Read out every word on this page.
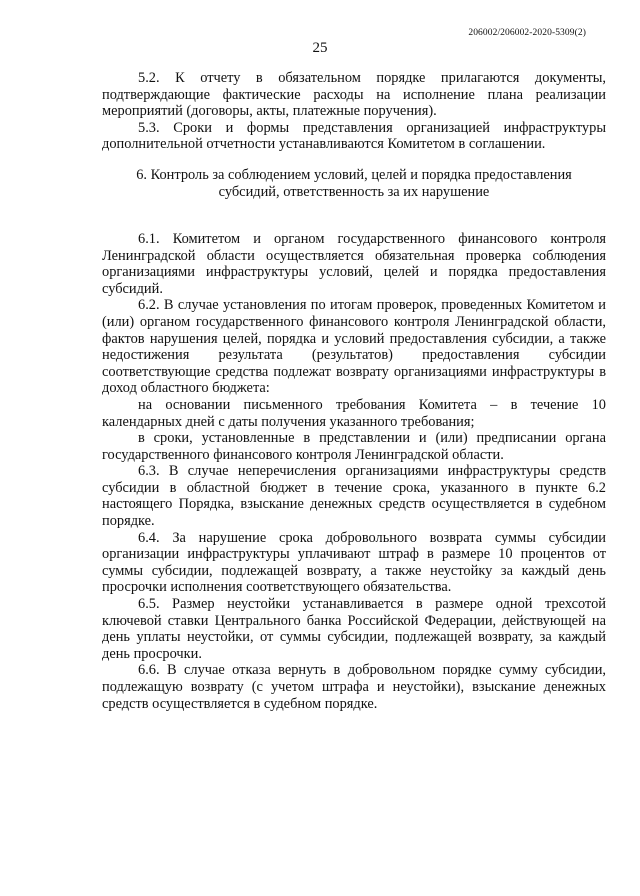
206002/206002-2020-5309(2)
25

5.2. К отчету в обязательном порядке прилагаются документы, подтверждающие фактические расходы на исполнение плана реализации мероприятий (договоры, акты, платежные поручения).

5.3. Сроки и формы представления организацией инфраструктуры дополнительной отчетности устанавливаются Комитетом в соглашении.

6. Контроль за соблюдением условий, целей и порядка предоставления
субсидий, ответственность за их нарушение

6.1. Комитетом и органом государственного финансового контроля Ленинградской области осуществляется обязательная проверка соблюдения организациями инфраструктуры условий, целей и порядка предоставления субсидий.

6.2. В случае установления по итогам проверок, проведенных Комитетом и (или) органом государственного финансового контроля Ленинградской области, фактов нарушения целей, порядка и условий предоставления субсидии, а также недостижения результата (результатов) предоставления субсидии соответствующие средства подлежат возврату организациями инфраструктуры в доход областного бюджета:

на основании письменного требования Комитета – в течение 10 календарных дней с даты получения указанного требования;

в сроки, установленные в представлении и (или) предписании органа государственного финансового контроля Ленинградской области.

6.3. В случае неперечисления организациями инфраструктуры средств субсидии в областной бюджет в течение срока, указанного в пункте 6.2 настоящего Порядка, взыскание денежных средств осуществляется в судебном порядке.

6.4. За нарушение срока добровольного возврата суммы субсидии организации инфраструктуры уплачивают штраф в размере 10 процентов от суммы субсидии, подлежащей возврату, а также неустойку за каждый день просрочки исполнения соответствующего обязательства.

6.5. Размер неустойки устанавливается в размере одной трехсотой ключевой ставки Центрального банка Российской Федерации, действующей на день уплаты неустойки, от суммы субсидии, подлежащей возврату, за каждый день просрочки.

6.6. В случае отказа вернуть в добровольном порядке сумму субсидии, подлежащую возврату (с учетом штрафа и неустойки), взыскание денежных средств осуществляется в судебном порядке.
